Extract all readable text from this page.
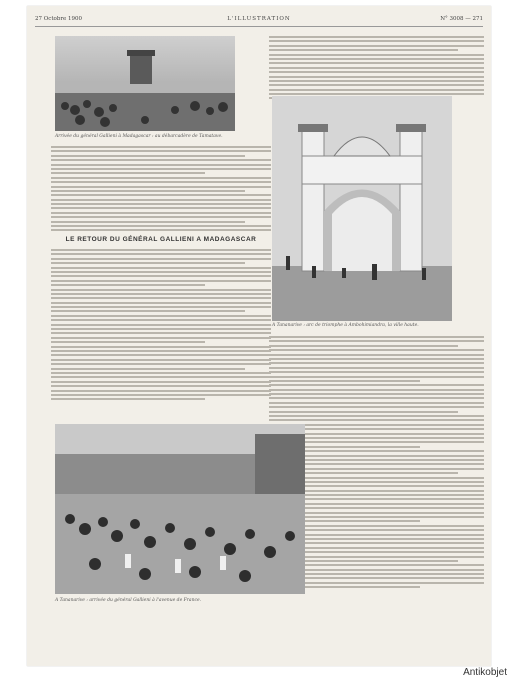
27 Octobre 1900	L'ILLUSTRATION	N° 3008 — 271
Arrivée du général Gallieni à Madagascar : au débarcadère de Tamatave.
LE RETOUR DU GÉNÉRAL GALLIENI A MADAGASCAR
A Tananarive : arc de triomphe à Ambohimiandra, la ville haute.
A Tananarive : arrivée du général Gallieni à l'avenue de France.
Antikobjet
